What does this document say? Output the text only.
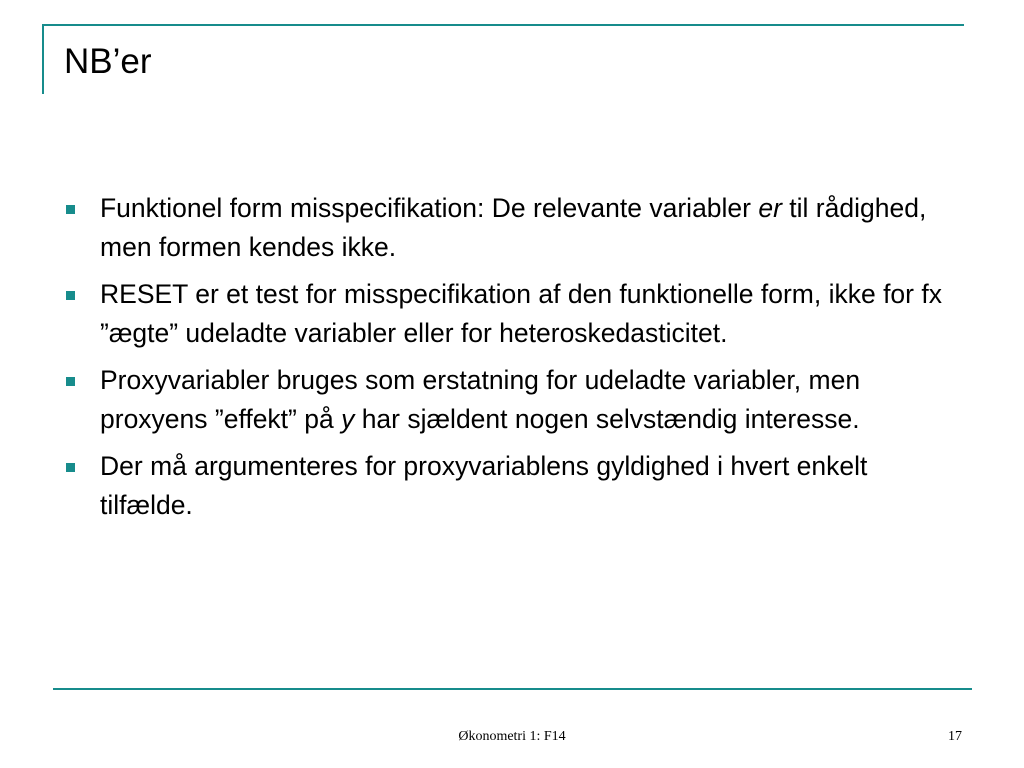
NB’er
Funktionel form misspecifikation: De relevante variabler er til rådighed, men formen kendes ikke.
RESET er et test for misspecifikation af den funktionelle form, ikke for fx ”ægte” udeladte variabler eller for heteroskedasticitet.
Proxyvariabler bruges som erstatning for udeladte variabler, men proxyens ”effekt” på y har sjældent nogen selvstændig interesse.
Der må argumenteres for proxyvariablens gyldighed i hvert enkelt tilfælde.
Økonometri 1: F14	17
